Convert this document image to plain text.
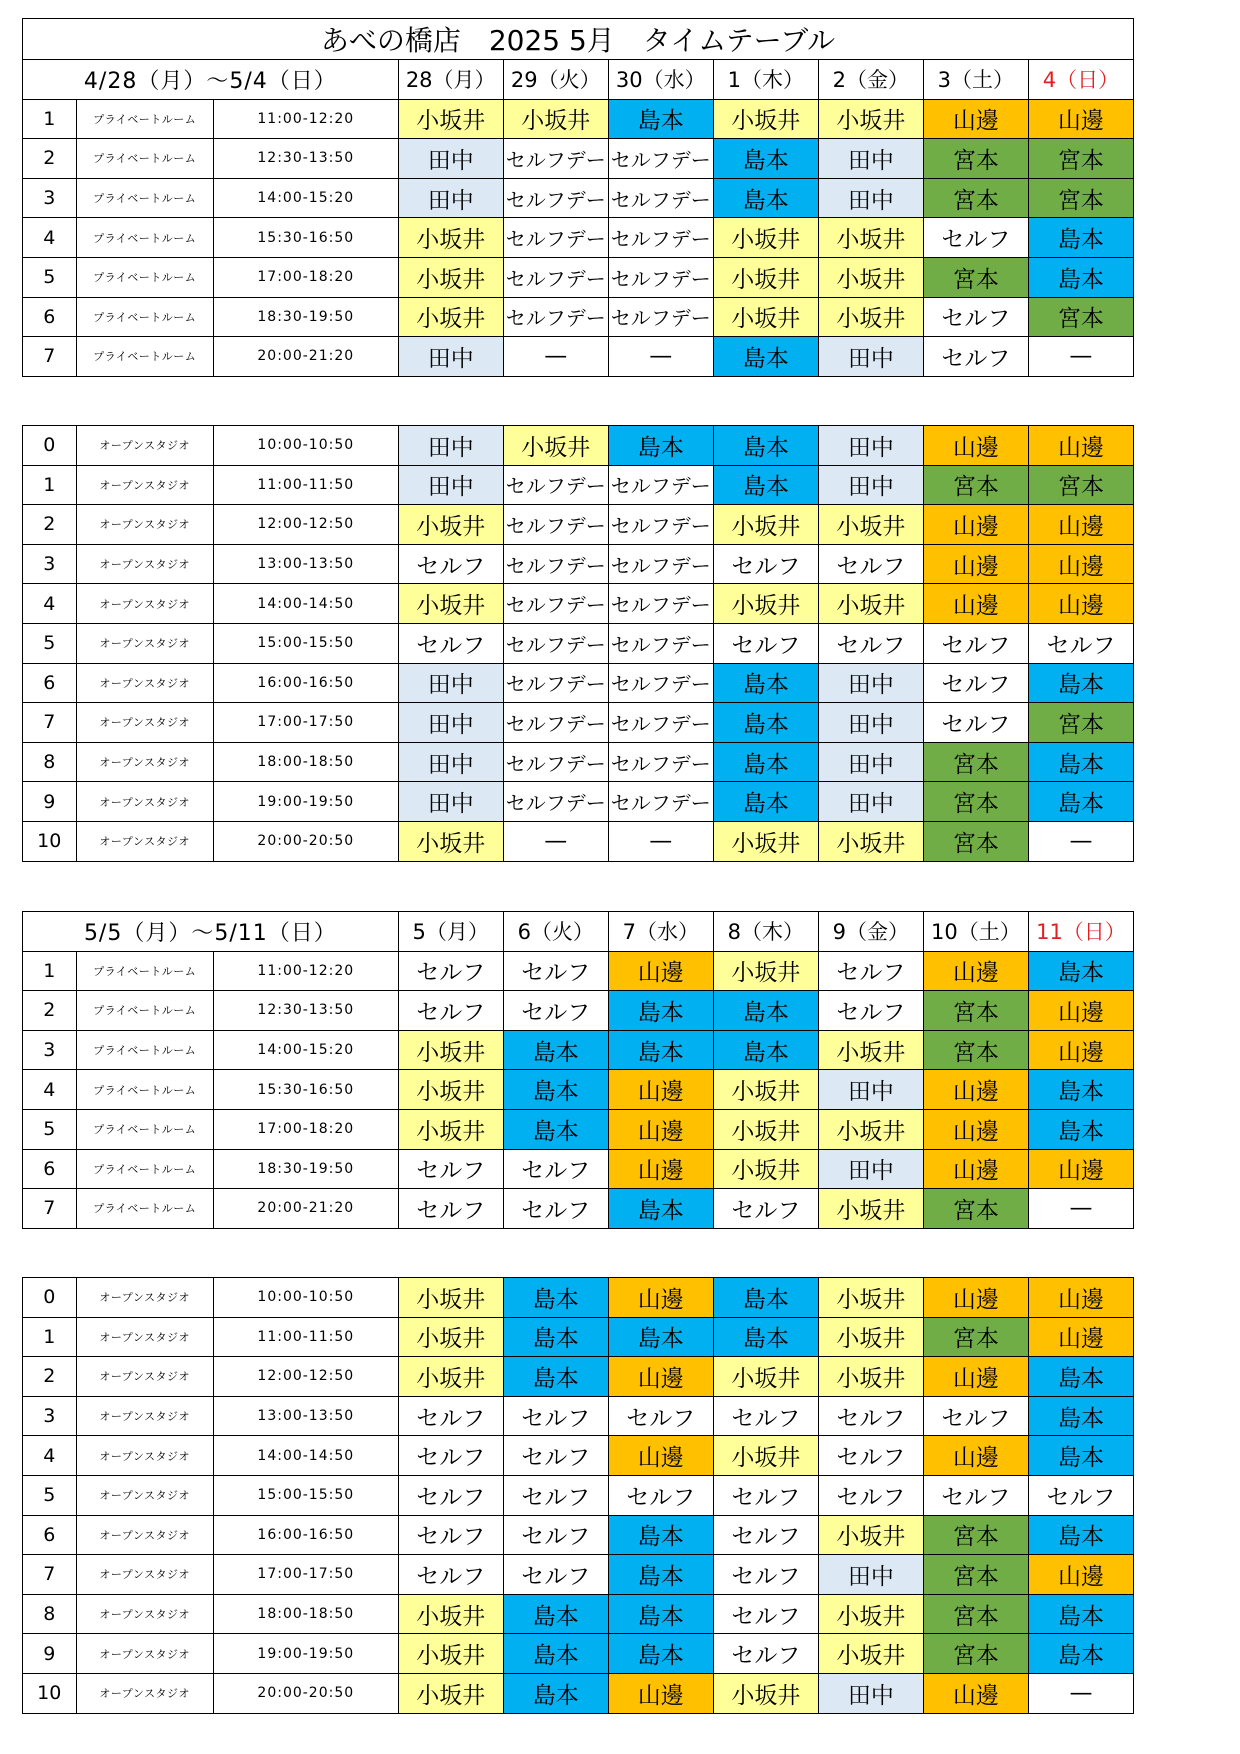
あべの橋店　2025 5月　タイムテーブル									
4/28（月）～5/4（日）			28（月）	29（火）	30（水）	1（木）	2（金）	3（土）	4（日）
1	プライベートルーム	11:00-12:20	小坂井	小坂井	島本	小坂井	小坂井	山邊	山邊
2	プライベートルーム	12:30-13:50	田中	セルフデー	セルフデー	島本	田中	宮本	宮本
3	プライベートルーム	14:00-15:20	田中	セルフデー	セルフデー	島本	田中	宮本	宮本
4	プライベートルーム	15:30-16:50	小坂井	セルフデー	セルフデー	小坂井	小坂井	セルフ	島本
5	プライベートルーム	17:00-18:20	小坂井	セルフデー	セルフデー	小坂井	小坂井	宮本	島本
6	プライベートルーム	18:30-19:50	小坂井	セルフデー	セルフデー	小坂井	小坂井	セルフ	宮本
7	プライベートルーム	20:00-21:20	田中	—	—	島本	田中	セルフ	—
0	オープンスタジオ	10:00-10:50	田中	小坂井	島本	島本	田中	山邊	山邊
1	オープンスタジオ	11:00-11:50	田中	セルフデー	セルフデー	島本	田中	宮本	宮本
2	オープンスタジオ	12:00-12:50	小坂井	セルフデー	セルフデー	小坂井	小坂井	山邊	山邊
3	オープンスタジオ	13:00-13:50	セルフ	セルフデー	セルフデー	セルフ	セルフ	山邊	山邊
4	オープンスタジオ	14:00-14:50	小坂井	セルフデー	セルフデー	小坂井	小坂井	山邊	山邊
5	オープンスタジオ	15:00-15:50	セルフ	セルフデー	セルフデー	セルフ	セルフ	セルフ	セルフ
6	オープンスタジオ	16:00-16:50	田中	セルフデー	セルフデー	島本	田中	セルフ	島本
7	オープンスタジオ	17:00-17:50	田中	セルフデー	セルフデー	島本	田中	セルフ	宮本
8	オープンスタジオ	18:00-18:50	田中	セルフデー	セルフデー	島本	田中	宮本	島本
9	オープンスタジオ	19:00-19:50	田中	セルフデー	セルフデー	島本	田中	宮本	島本
10	オープンスタジオ	20:00-20:50	小坂井	—	—	小坂井	小坂井	宮本	—
5/5（月）～5/11（日）			5（月）	6（火）	7（水）	8（木）	9（金）	10（土）	11（日）
1	プライベートルーム	11:00-12:20	セルフ	セルフ	山邊	小坂井	セルフ	山邊	島本
2	プライベートルーム	12:30-13:50	セルフ	セルフ	島本	島本	セルフ	宮本	山邊
3	プライベートルーム	14:00-15:20	小坂井	島本	島本	島本	小坂井	宮本	山邊
4	プライベートルーム	15:30-16:50	小坂井	島本	山邊	小坂井	田中	山邊	島本
5	プライベートルーム	17:00-18:20	小坂井	島本	山邊	小坂井	小坂井	山邊	島本
6	プライベートルーム	18:30-19:50	セルフ	セルフ	山邊	小坂井	田中	山邊	山邊
7	プライベートルーム	20:00-21:20	セルフ	セルフ	島本	セルフ	小坂井	宮本	—
0	オープンスタジオ	10:00-10:50	小坂井	島本	山邊	島本	小坂井	山邊	山邊
1	オープンスタジオ	11:00-11:50	小坂井	島本	島本	島本	小坂井	宮本	山邊
2	オープンスタジオ	12:00-12:50	小坂井	島本	山邊	小坂井	小坂井	山邊	島本
3	オープンスタジオ	13:00-13:50	セルフ	セルフ	セルフ	セルフ	セルフ	セルフ	島本
4	オープンスタジオ	14:00-14:50	セルフ	セルフ	山邊	小坂井	セルフ	山邊	島本
5	オープンスタジオ	15:00-15:50	セルフ	セルフ	セルフ	セルフ	セルフ	セルフ	セルフ
6	オープンスタジオ	16:00-16:50	セルフ	セルフ	島本	セルフ	小坂井	宮本	島本
7	オープンスタジオ	17:00-17:50	セルフ	セルフ	島本	セルフ	田中	宮本	山邊
8	オープンスタジオ	18:00-18:50	小坂井	島本	島本	セルフ	小坂井	宮本	島本
9	オープンスタジオ	19:00-19:50	小坂井	島本	島本	セルフ	小坂井	宮本	島本
10	オープンスタジオ	20:00-20:50	小坂井	島本	山邊	小坂井	田中	山邊	—
